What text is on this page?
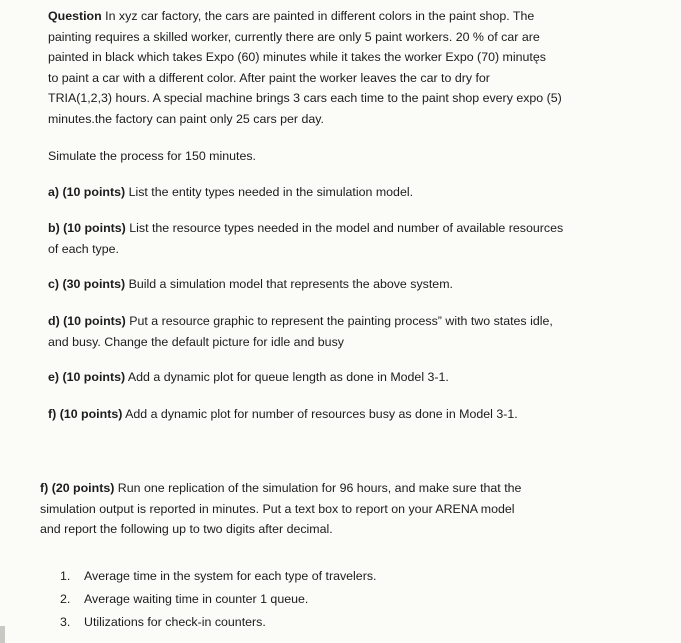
Question In xyz car factory, the cars are painted in different colors in the paint shop. The

painting requires a skilled worker, currently there are only 5 paint workers. 20 % of car are

painted in black which takes Expo (60) minutes while it takes the worker Expo (70) minutęs

to paint a car with a different color. After paint the worker leaves the car to dry for

TRIA(1,2,3) hours. A special machine brings 3 cars each time to the paint shop every expo (5)

minutes.the factory can paint only 25 cars per day.

Simulate the process for 150 minutes.

a) (10 points) List the entity types needed in the simulation model.

b) (10 points) List the resource types needed in the model and number of available resources

of each type.

c) (30 points) Build a simulation model that represents the above system.

d) (10 points) Put a resource graphic to represent the painting process” with two states idle,

and busy. Change the default picture for idle and busy

e) (10 points) Add a dynamic plot for queue length as done in Model 3-1.

f) (10 points) Add a dynamic plot for number of resources busy as done in Model 3-1.

f) (20 points) Run one replication of the simulation for 96 hours, and make sure that the

simulation output is reported in minutes. Put a text box to report on your ARENA model

and report the following up to two digits after decimal.

1.	Average time in the system for each type of travelers.
2.	Average waiting time in counter 1 queue.
3.	Utilizations for check-in counters.
